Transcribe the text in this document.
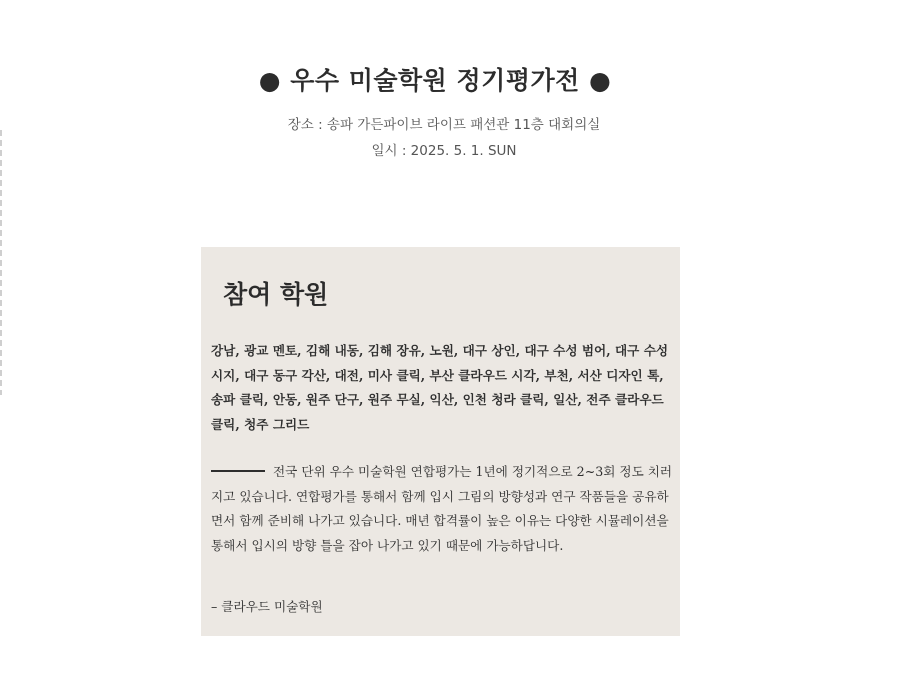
● 우수 미술학원 정기평가전 ●
장소 : 송파 가든파이브 라이프 패션관 11층 대회의실
일시 : 2025. 5. 1. SUN
참여 학원

강남, 광교 멘토, 김해 내동, 김해 장유, 노원, 대구 상인, 대구 수성 범어, 대구 수성 시지, 대구 동구 각산, 대전, 미사 클릭, 부산 클라우드 시각, 부천, 서산 디자인 톡, 송파 클릭, 안동, 원주 단구, 원주 무실, 익산, 인천 청라 클릭, 일산, 전주 클라우드 클릭, 청주 그리드

전국 단위 우수 미술학원 연합평가는 1년에 정기적으로 2~3회 정도 치러지고 있습니다. 연합평가를 통해서 함께 입시 그림의 방향성과 연구 작품들을 공유하면서 함께 준비해 나가고 있습니다. 매년 합격률이 높은 이유는 다양한 시뮬레이션을 통해서 입시의 방향 틀을 잡아 나가고 있기 때문에 가능하답니다.

– 클라우드 미술학원
